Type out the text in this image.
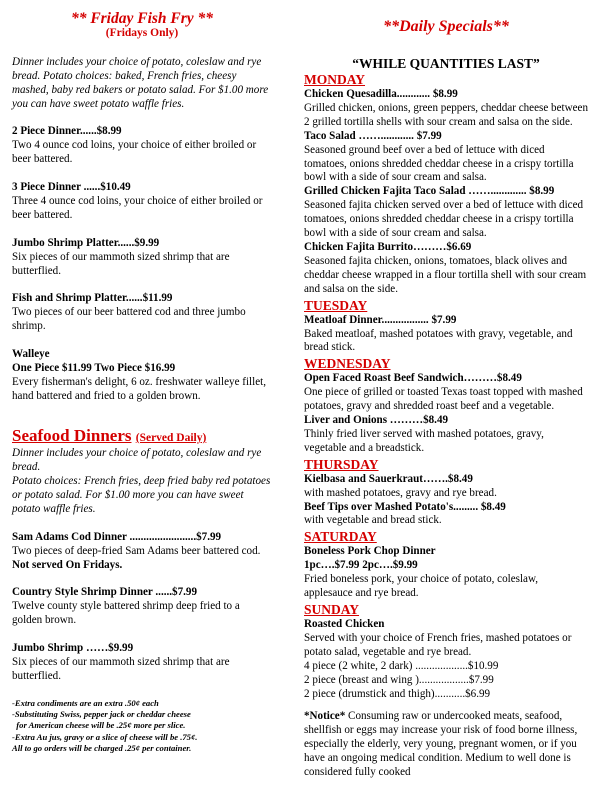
** Friday Fish Fry **
(Fridays Only)

Dinner includes your choice of potato, coleslaw and rye bread. Potato choices: baked, French fries, cheesy mashed, baby red bakers or potato salad. For $1.00 more you can have sweet potato waffle fries.

2 Piece Dinner......$8.99

Two 4 ounce cod loins, your choice of either broiled or beer battered.

3 Piece Dinner ......$10.49

Three 4 ounce cod loins, your choice of either broiled or beer battered.

Jumbo Shrimp Platter......$9.99

Six pieces of our mammoth sized shrimp that are butterflied.

Fish and Shrimp Platter......$11.99

Two pieces of our beer battered cod and three jumbo shrimp.

Walleye

One Piece $11.99 Two Piece $16.99

Every fisherman's delight, 6 oz. freshwater walleye fillet, hand battered and fried to a golden brown.

Seafood Dinners (Served Daily)

Dinner includes your choice of potato, coleslaw and rye bread.

Potato choices: French fries, deep fried baby red potatoes or potato salad. For $1.00 more you can have sweet potato waffle fries.

Sam Adams Cod Dinner ........................$7.99

Two pieces of deep-fried Sam Adams beer battered cod. Not served On Fridays.

Country Style Shrimp Dinner ......$7.99

Twelve county style battered shrimp deep fried to a golden brown.

Jumbo Shrimp ……$9.99

Six pieces of our mammoth sized shrimp that are butterflied.

-Extra condiments are an extra .50¢ each

-Substituting Swiss, pepper jack or cheddar cheese

for American cheese will be .25¢ more per slice.

-Extra Au jus, gravy or a slice of cheese will be .75¢.

All to go orders will be charged .25¢ per container.

**Daily Specials**
“WHILE QUANTITIES LAST”
MONDAY

Chicken Quesadilla............ $8.99

Grilled chicken, onions, green peppers, cheddar cheese between 2 grilled tortilla shells with sour cream and salsa on the side.

Taco Salad ……............ $7.99

Seasoned ground beef over a bed of lettuce with diced tomatoes, onions shredded cheddar cheese in a crispy tortilla bowl with a side of sour cream and salsa.

Grilled Chicken Fajita Taco Salad ……............. $8.99

Seasoned fajita chicken served over a bed of lettuce with diced tomatoes, onions shredded cheddar cheese in a crispy tortilla bowl with a side of sour cream and salsa.

Chicken Fajita Burrito………$6.69

Seasoned fajita chicken, onions, tomatoes, black olives and cheddar cheese wrapped in a flour tortilla shell with sour cream and salsa on the side.

TUESDAY

Meatloaf Dinner................. $7.99

Baked meatloaf, mashed potatoes with gravy, vegetable, and bread stick.

WEDNESDAY

Open Faced Roast Beef Sandwich………$8.49

One piece of grilled or toasted Texas toast topped with mashed potatoes, gravy and shredded roast beef and a vegetable.

Liver and Onions ………$8.49

Thinly fried liver served with mashed potatoes, gravy, vegetable and a breadstick.

THURSDAY

Kielbasa and Sauerkraut…….$8.49

with mashed potatoes, gravy and rye bread.

Beef Tips over Mashed Potato's......... $8.49

with vegetable and bread stick.

SATURDAY

Boneless Pork Chop Dinner

1pc….$7.99 2pc….$9.99

Fried boneless pork, your choice of potato, coleslaw, applesauce and rye bread.

SUNDAY

Roasted Chicken

Served with your choice of French fries, mashed potatoes or potato salad, vegetable and rye bread.

4 piece (2 white, 2 dark) ...................$10.99

2 piece (breast and wing )..................$7.99

2 piece (drumstick and thigh)...........$6.99

*Notice* Consuming raw or undercooked meats, seafood, shellfish or eggs may increase your risk of food borne illness, especially the elderly, very young, pregnant women, or if you have an ongoing medical condition. Medium to well done is considered fully cooked
